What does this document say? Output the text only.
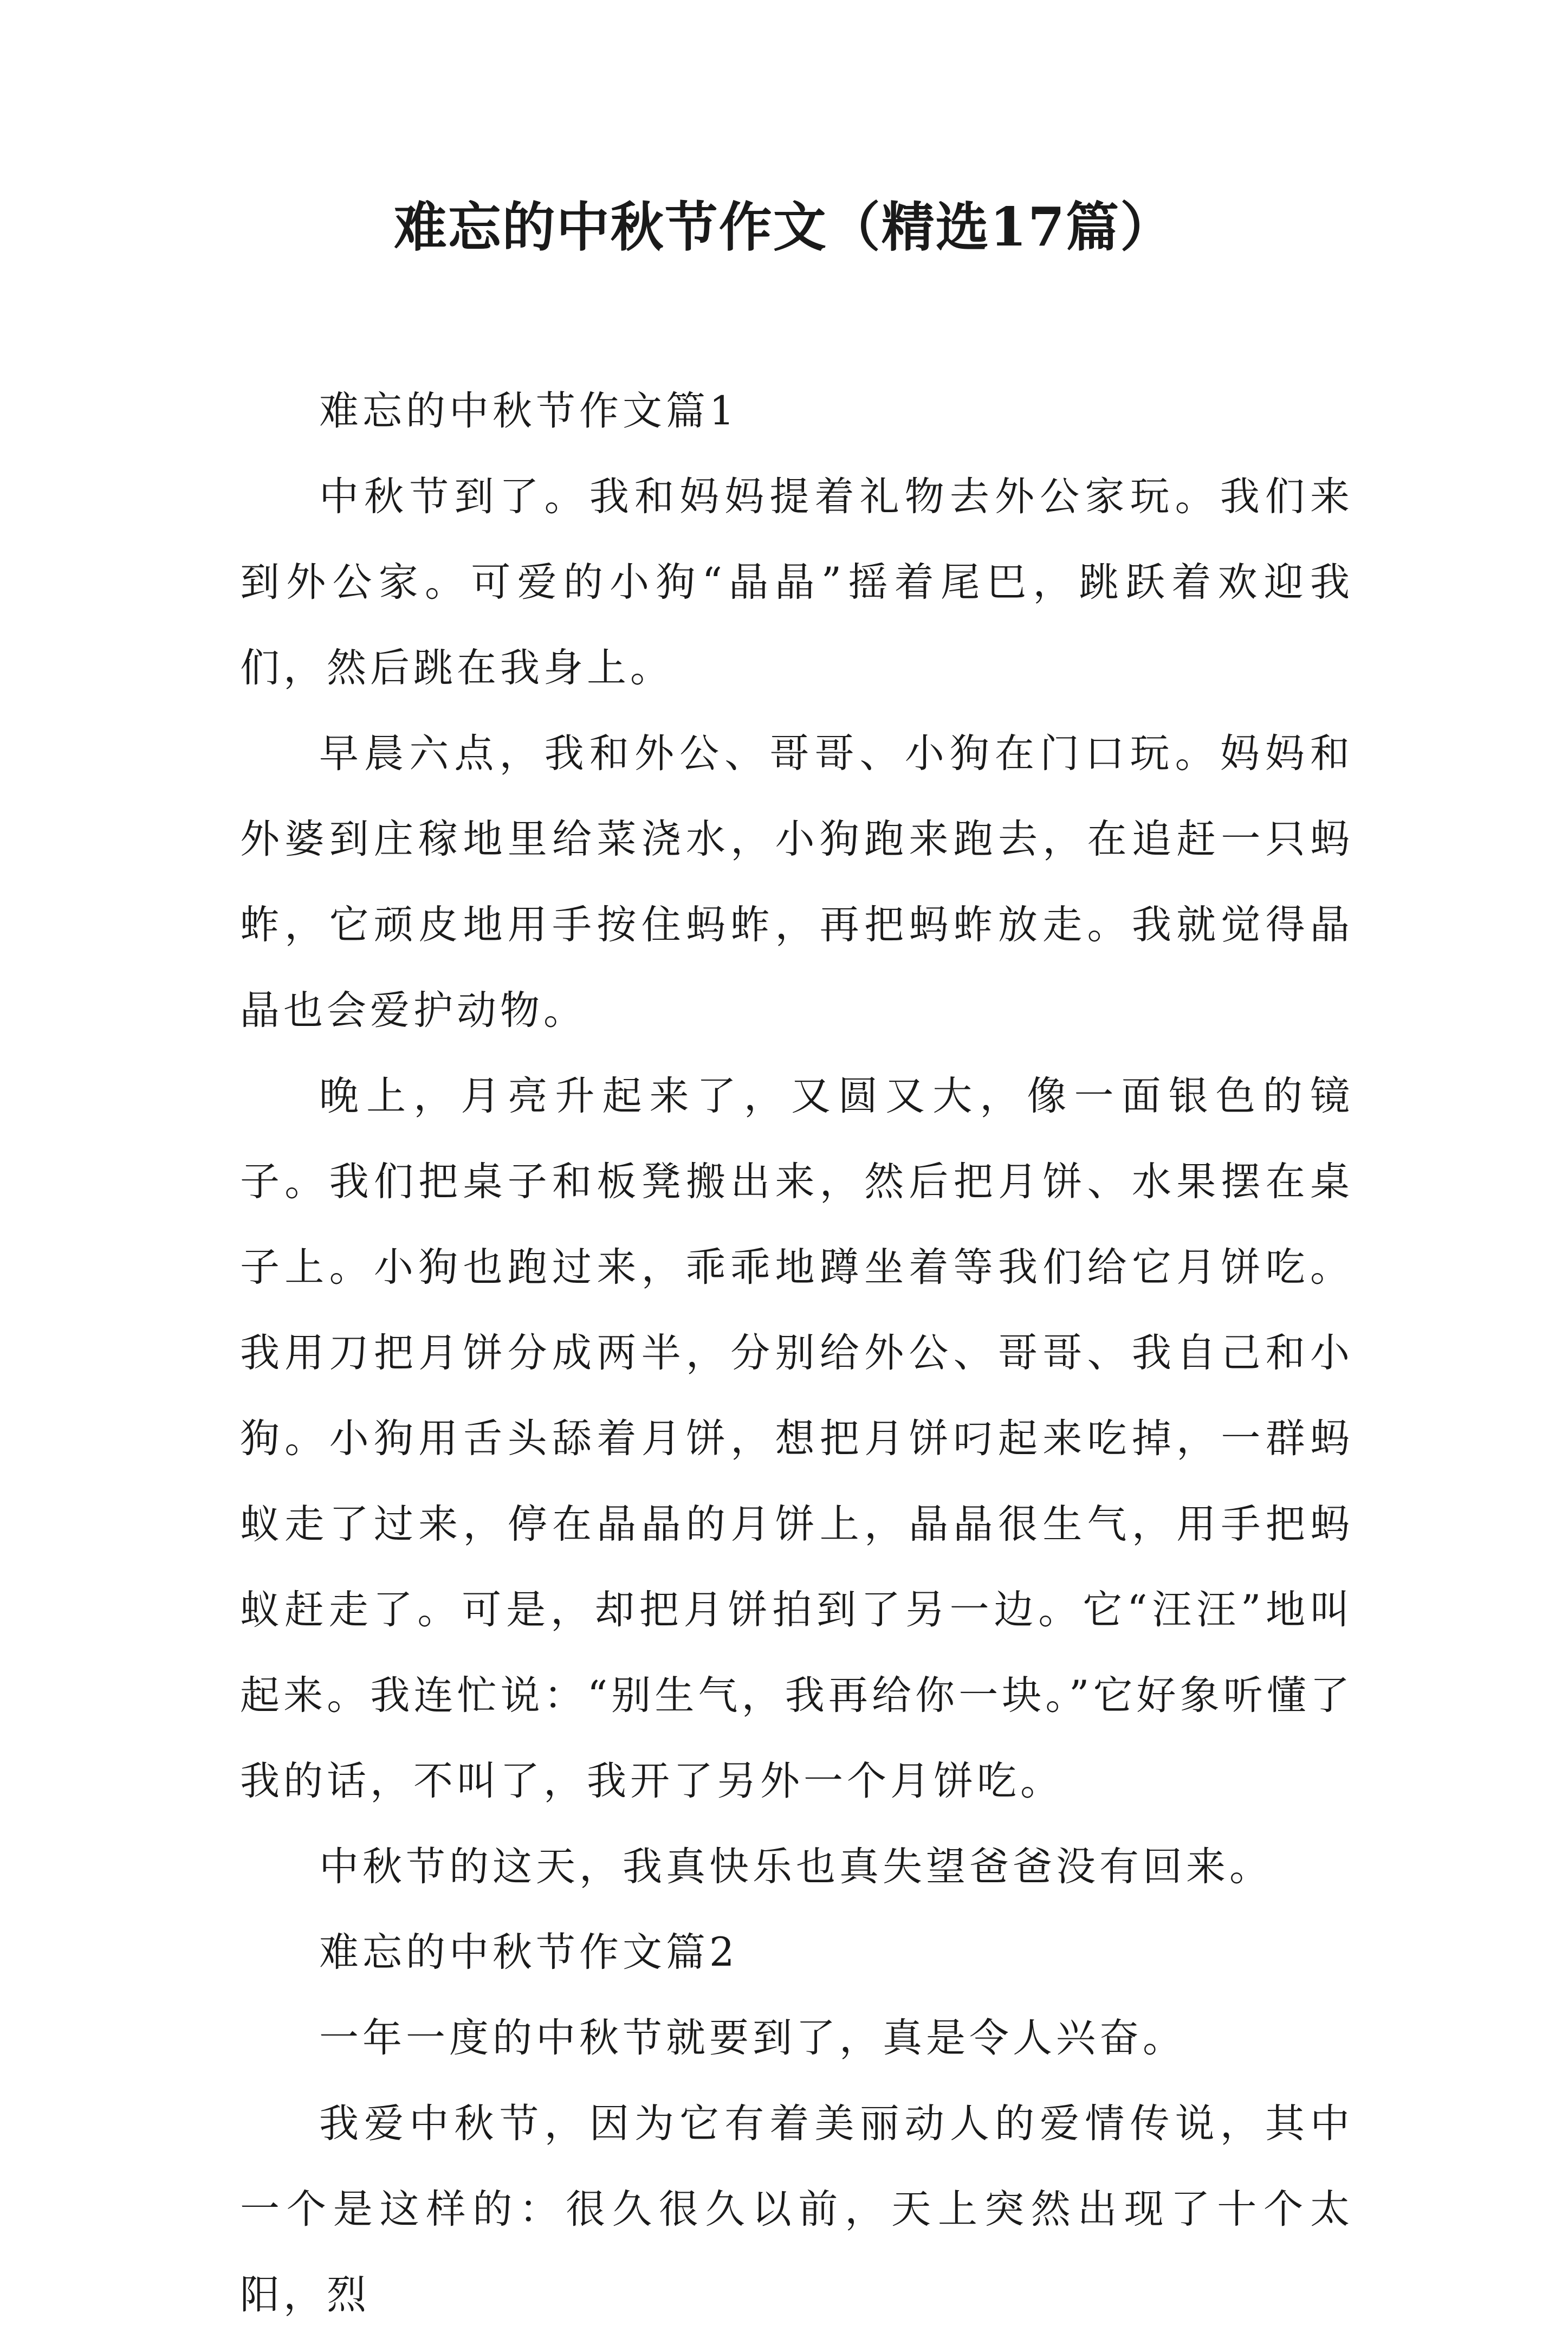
难忘的中秋节作文（精选17篇）

难忘的中秋节作文篇1

中秋节到了。我和妈妈提着礼物去外公家玩。我们来到外公家。可爱的小狗“晶晶”摇着尾巴，跳跃着欢迎我们，然后跳在我身上。

早晨六点，我和外公、哥哥、小狗在门口玩。妈妈和外婆到庄稼地里给菜浇水，小狗跑来跑去，在追赶一只蚂蚱，它顽皮地用手按住蚂蚱，再把蚂蚱放走。我就觉得晶晶也会爱护动物。

晚上，月亮升起来了，又圆又大，像一面银色的镜子。我们把桌子和板凳搬出来，然后把月饼、水果摆在桌子上。小狗也跑过来，乖乖地蹲坐着等我们给它月饼吃。我用刀把月饼分成两半，分别给外公、哥哥、我自己和小狗。小狗用舌头舔着月饼，想把月饼叼起来吃掉，一群蚂蚁走了过来，停在晶晶的月饼上，晶晶很生气，用手把蚂蚁赶走了。可是，却把月饼拍到了另一边。它“汪汪”地叫起来。我连忙说：“别生气，我再给你一块。”它好象听懂了我的话，不叫了，我开了另外一个月饼吃。

中秋节的这天，我真快乐也真失望爸爸没有回来。

难忘的中秋节作文篇2

一年一度的中秋节就要到了，真是令人兴奋。

我爱中秋节，因为它有着美丽动人的爱情传说，其中一个是这样的：很久很久以前，天上突然出现了十个太阳，烈
